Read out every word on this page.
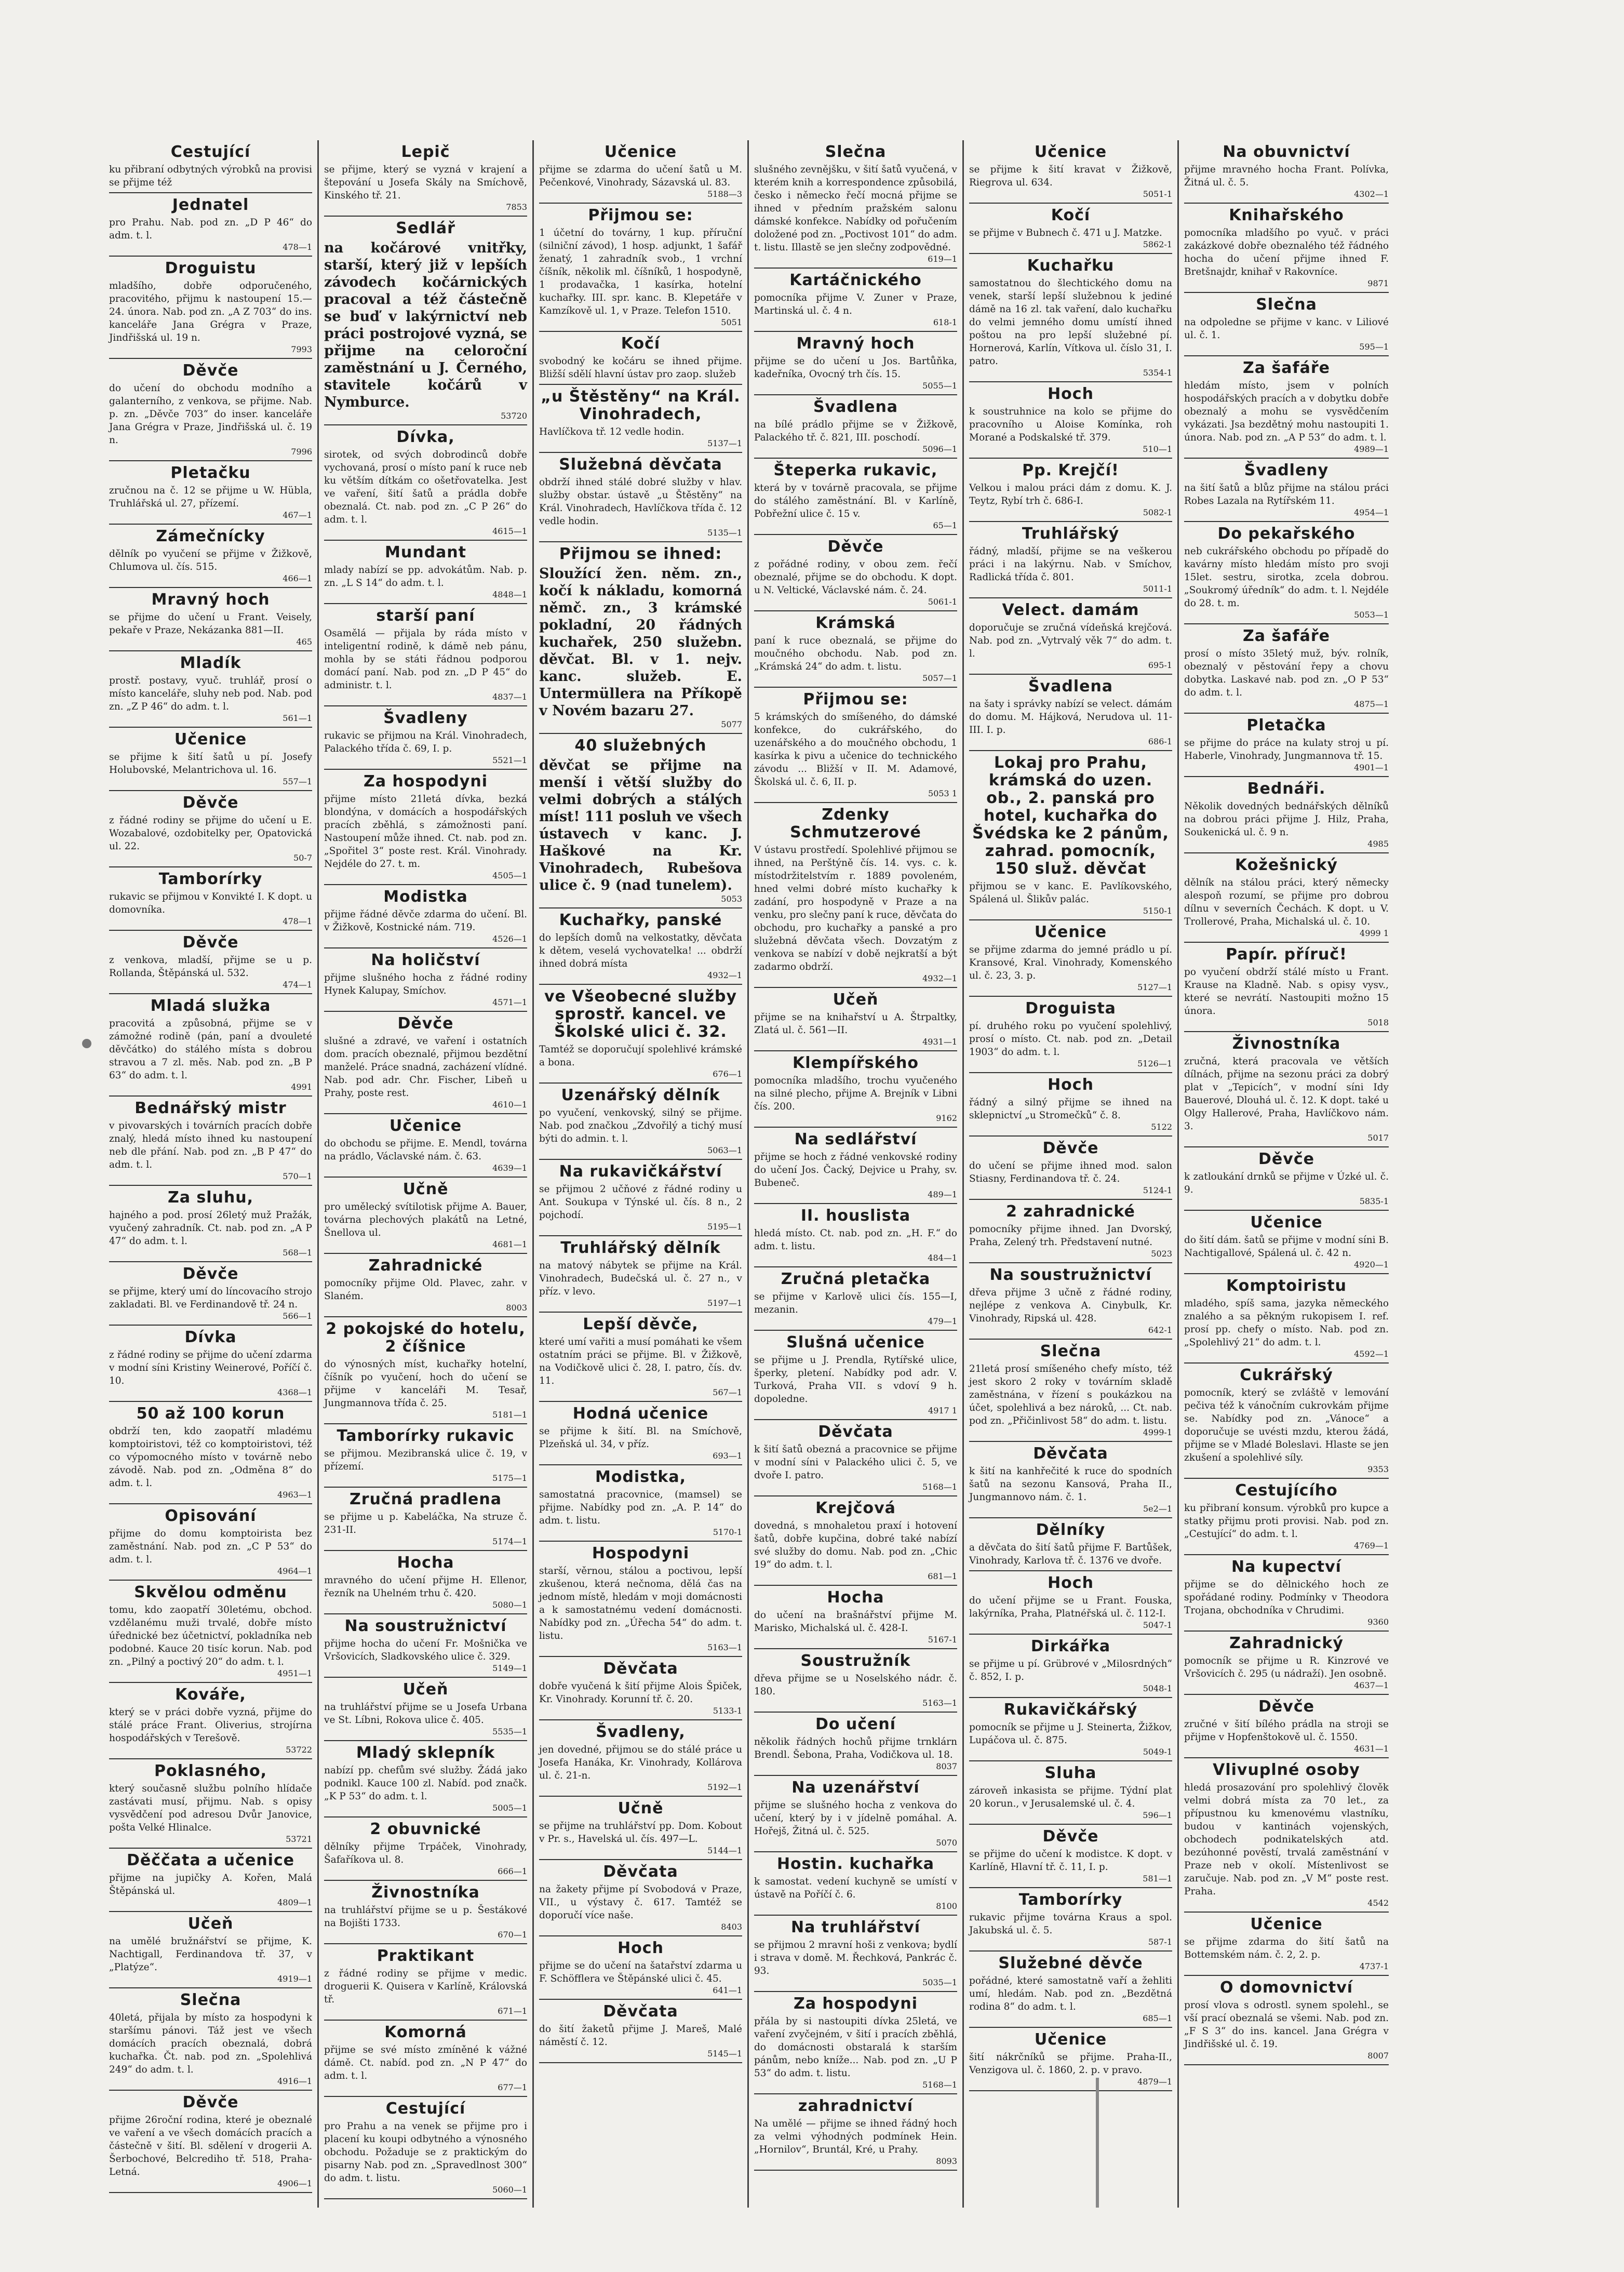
Cestující

ku přibraní odbytných výrobků na provisi se přijme též

Jednatel

pro Prahu. Nab. pod zn. „D P 46“ do adm. t. l.

478—1
Droguistu

mladšího, dobře odporučeného, pracovitého, přijmu k nastoupení 15.—24. února. Nab. pod zn. „A Z 703“ do ins. kanceláře Jana Grégra v Praze, Jindřišská ul. 19 n.

7993
Děvče

do učení do obchodu modního a galanterního, z venkova, se přijme. Nab. p. zn. „Děvče 703“ do inser. kanceláře Jana Grégra v Praze, Jindřišská ul. č. 19 n.

7996
Pletačku

zručnou na č. 12 se přijme u W. Hübla, Truhlářská ul. 27, přízemí.

467—1
Zámečnícky

dělník po vyučení se přijme v Žižkově, Chlumova ul. čís. 515.

466—1
Mravný hoch

se přijme do učení u Frant. Veisely, pekaře v Praze, Nekázanka 881—II.

465
Mladík

prostř. postavy, vyuč. truhlář, prosí o místo kanceláře, sluhy neb pod. Nab. pod zn. „Z P 46“ do adm. t. l.

561—1
Učenice

se přijme k šití šatů u pí. Josefy Holubovské, Melantrichova ul. 16.

557—1
Děvče

z řádné rodiny se přijme do učení u E. Wozabalové, ozdobitelky per, Opatovická ul. 22.

50-7
Tamborírky

rukavic se přijmou v Konvikté I. K dopt. u domovníka.

478—1
Děvče

z venkova, mladší, přijme se u p. Rollanda, Štěpánská ul. 532.

474—1
Mladá služka

pracovitá a způsobná, přijme se v zámožné rodině (pán, paní a dvouleté děvčátko) do stálého místa s dobrou stravou a 7 zl. měs. Nab. pod zn. „B P 63“ do adm. t. l.

4991
Bednářský mistr

v pivovarských i továrních pracích dobře znalý, hledá místo ihned ku nastoupení neb dle přání. Nab. pod zn. „B P 47“ do adm. t. l.

570—1
Za sluhu,

hajného a pod. prosí 26letý muž Pražák, vyučený zahradník. Ct. nab. pod zn. „A P 47“ do adm. t. l.

568—1
Děvče

se přijme, který umí do líncovacího strojo zakladati. Bl. ve Ferdinandově tř. 24 n.

566—1
Dívka

z řádné rodiny se přijme do učení zdarma v modní síni Kristiny Weinerové, Poříčí č. 10.

4368—1
50 až 100 korun

obdrží ten, kdo zaopatří mladému komptoiristovi, též co komptoiristovi, též co výpomocného místo v továrně nebo závodě. Nab. pod zn. „Odměna 8“ do adm. t. l.

4963—1
Opisování

přijme do domu komptoirista bez zaměstnání. Nab. pod zn. „C P 53“ do adm. t. l.

4964—1
Skvělou odměnu

tomu, kdo zaopatří 30letému, obchod. vzdělanému muži trvalé, dobře místo úřednické bez účetnictví, pokladníka neb podobné. Kauce 20 tisíc korun. Nab. pod zn. „Pilný a poctivý 20“ do adm. t. l.

4951—1
Kováře,

který se v práci dobře vyzná, přijme do stálé práce Frant. Oliverius, strojírna hospodářských v Terešově.

53722
Poklasného,

který současně službu polního hlídače zastávati musí, přijmu. Nab. s opisy vysvědčení pod adresou Dvůr Janovice, pošta Velké Hlinalce.

53721
Děččata a učenice

přijme na jupičky A. Kořen, Malá Štěpánská ul.

4809—1
Učeň

na umělé bružnářství se přijme, K. Nachtigall, Ferdinandova tř. 37, v „Platýze“.

4919—1
Slečna

40letá, přijala by místo za hospodyni k staršímu pánovi. Táž jest ve všech domácích pracích obeznalá, dobrá kuchařka. Čt. nab. pod zn. „Spolehlivá 249“ do adm. t. l.

4916—1
Děvče

přijme 26roční rodina, které je obeznalé ve vaření a ve všech domácích pracích a částečně v šití. Bl. sdělení v drogerii A. Šerbochové, Belcrediho tř. 518, Praha-Letná.

4906—1
Lepič

se přijme, který se vyzná v krajení a štepování u Josefa Skály na Smíchově, Kinského tř. 21.

7853
Sedlář

na kočárové vnitřky, starší, který již v lepších závodech kočárnických pracoval a též částečně se buď v lakýrnictví neb práci postrojové vyzná, se přijme na celoroční zaměstnání u J. Černého, stavitele kočárů v Nymburce.

53720
Dívka,

sirotek, od svých dobrodinců dobře vychovaná, prosí o místo paní k ruce neb ku větším dítkám co ošetřovatelka. Jest ve vaření, šití šatů a prádla dobře obeznalá. Ct. nab. pod zn. „C P 26“ do adm. t. l.

4615—1
Mundant

mlady nabízí se pp. advokátům. Nab. p. zn. „L S 14“ do adm. t. l.

4848—1
starší paní

Osamělá — přijala by ráda místo v inteligentní rodině, k dámě neb pánu, mohla by se státi řádnou podporou domácí paní. Nab. pod zn. „D P 45“ do administr. t. l.

4837—1
Švadleny

rukavic se přijmou na Král. Vinohradech, Palackého třída č. 69, I. p.

5521—1
Za hospodyni

přijme místo 21letá dívka, bezká blondýna, v domácích a hospodářských pracích zběhlá, s zámožnosti paní. Nastoupení může ihned. Ct. nab. pod zn. „Spořitel 3“ poste rest. Král. Vinohrady. Nejdéle do 27. t. m.

4505—1
Modistka

přijme řádné děvče zdarma do učení. Bl. v Žižkově, Kostnické nám. 719.

4526—1
Na holičství

přijme slušného hocha z řádné rodiny Hynek Kalupay, Smíchov.

4571—1
Děvče

slušné a zdravé, ve vaření i ostatních dom. pracích obeznalé, přijmou bezdětní manželé. Práce snadná, zacházení vlídné. Nab. pod adr. Chr. Fischer, Libeň u Prahy, poste rest.

4610—1
Učenice

do obchodu se přijme. E. Mendl, továrna na prádlo, Václavské nám. č. 63.

4639—1
Učně

pro umělecký svítilotisk přijme A. Bauer, továrna plechových plakátů na Letné, Šnellova ul.

4681—1
Zahradnické

pomocníky přijme Old. Plavec, zahr. v Slaném.

8003
2 pokojské do hotelu, 2 číšnice

do výnosných míst, kuchařky hotelní, číšník po vyučení, hoch do učení se přijme v kanceláři M. Tesař, Jungmannova třída č. 25.

5181—1
Tamborírky rukavic

se přijmou. Mezibranská ulice č. 19, v přízemí.

5175—1
Zručná pradlena

se přijme u p. Kabeláčka, Na struze č. 231-II.

5174—1
Hocha

mravného do učení přijme H. Ellenor, řezník na Uhelném trhu č. 420.

5080—1
Na soustružnictví

přijme hocha do učení Fr. Mošnička ve Vršovicích, Sladkovského ulice č. 329.

5149—1
Učeň

na truhlářství přijme se u Josefa Urbana ve St. Líbni, Rokova ulice č. 405.

5535—1
Mladý sklepník

nabízí pp. chefům své služby. Žádá jako podnikl. Kauce 100 zl. Nabíd. pod značk. „K P 53“ do adm. t. l.

5005—1
2 obuvnické

dělníky přijme Trpáček, Vinohrady, Šafaříkova ul. 8.

666—1
Živnostníka

na truhlářství přijme se u p. Šestákové na Bojišti 1733.

670—1
Praktikant

z řádné rodiny se přijme v medic. droguerii K. Quisera v Karlíně, Královská tř.

671—1
Komorná

přijme se své místo zmíněné k vážné dámě. Ct. nabíd. pod zn. „N P 47“ do adm. t. l.

677—1
Cestující

pro Prahu a na venek se přijme pro i placení ku koupi odbytného a výnosného obchodu. Požaduje se z praktickým do pisarny Nab. pod zn. „Spravedlnost 300“ do adm. t. listu.

5060—1
Učenice

přijme se zdarma do učení šatů u M. Pečenkové, Vinohrady, Sázavská ul. 83.

5188—3
Přijmou se:

1 účetní do továrny, 1 kup. příruční (silniční závod), 1 hosp. adjunkt, 1 šafář ženatý, 1 zahradník svob., 1 vrchní číšník, několik ml. číšníků, 1 hospodyně, 1 prodavačka, 1 kasírka, hotelní kuchařky. III. spr. kanc. B. Klepetáře v Kamzíkově ul. 1, v Praze. Telefon 1510.

5051
Kočí

svobodný ke kočáru se ihned přijme. Bližší sdělí hlavní ústav pro zaop. služeb

„u Štěstěny“ na Král. Vinohradech,

Havlíčkova tř. 12 vedle hodin.

5137—1
Služebná děvčata

obdrží ihned stálé dobré služby v hlav. služby obstar. ústavě „u Štěstěny“ na Král. Vinohradech, Havlíčkova třída č. 12 vedle hodin.

5135—1
Přijmou se ihned:

Sloužící žen. něm. zn., kočí k nákladu, komorná němč. zn., 3 krámské pokladní, 20 řádných kuchařek, 250 služebn. děvčat. Bl. v 1. nejv. kanc. služeb. E. Untermüllera na Příkopě v Novém bazaru 27.

5077
40 služebných

děvčat se přijme na menší i větší služby do velmi dobrých a stálých míst! 111 posluh ve všech ústavech v kanc. J. Haškové na Kr. Vinohradech, Rubešova ulice č. 9 (nad tunelem).

5053
Kuchařky, panské

do lepších domů na velkostatky, děvčata k dětem, veselá vychovatelka! ... obdrží ihned dobrá místa

4932—1
ve Všeobecné služby sprostř. kancel. ve Školské ulici č. 32.

Tamtéž se doporučují spolehlivé krámské a bona.

676—1
Uzenářský dělník

po vyučení, venkovský, silný se přijme. Nab. pod značkou „Zdvořilý a tichý musí býti do admin. t. l.

5063—1
Na rukavičkářství

se přijmou 2 učňové z řádné rodiny u Ant. Soukupa v Týnské ul. čís. 8 n., 2 pojchodí.

5195—1
Truhlářský dělník

na matový nábytek se přijme na Král. Vinohradech, Budečská ul. č. 27 n., v příz. v levo.

5197—1
Lepší děvče,

které umí vařiti a musí pomáhati ke všem ostatním práci se přijme. Bl. v Žižkově, na Vodičkově ulici č. 28, I. patro, čís. dv. 11.

567—1
Hodná učenice

se přijme k šití. Bl. na Smíchově, Plzeňská ul. 34, v příz.

693—1
Modistka,

samostatná pracovnice, (mamsel) se přijme. Nabídky pod zn. „A. P. 14“ do adm. t. listu.

5170-1
Hospodyni

starší, věrnou, stálou a poctivou, lepší zkušenou, která nečnoma, dělá čas na jednom místě, hledám v moji domácnosti a k samostatnému vedení domácnosti. Nabídky pod zn. „Úřecha 54“ do adm. t. listu.

5163—1
Děvčata

dobře vyučená k šití přijme Alois Špiček, Kr. Vinohrady. Korunní tř. č. 20.

5133-1
Švadleny,

jen dovedné, přijmou se do stálé práce u Josefa Hanáka, Kr. Vinohrady, Kollárova ul. č. 21-n.

5192—1
Učně

se přijme na truhlářství pp. Dom. Kobout v Pr. s., Havelská ul. čís. 497—L.

5144—1
Děvčata

na žakety přijme pí Svobodová v Praze, VII., u výstavy č. 617. Tamtéž se doporučí více naše.

8403
Hoch

přijme se do učení na šatařství zdarma u F. Schöfflera ve Štěpánské ulici č. 45.

641—1
Děvčata

do šití žaketů přijme J. Mareš, Malé náměstí č. 12.

5145—1
Slečna

slušného zevnějšku, v šití šatů vyučená, v kterém knih a korrespondence způsobilá, česko i německo řečí mocná přijme se ihned v předním pražském salonu dámské konfekce. Nabídky od pořučením doložené pod zn. „Poctivost 101“ do adm. t. listu. Illastě se jen slečny zodpovědné.

619—1
Kartáčnického

pomocníka přijme V. Zuner v Praze, Martinská ul. č. 4 n.

618-1
Mravný hoch

přijme se do učení u Jos. Bartůňka, kadeřníka, Ovocný trh čís. 15.

5055—1
Švadlena

na bílé prádlo přijme se v Žižkově, Palackého tř. č. 821, III. poschodí.

5096—1
Šteperka rukavic,

která by v továrně pracovala, se přijme do stálého zaměstnání. Bl. v Karlíně, Pobřežní ulice č. 15 v.

65—1
Děvče

z pořádné rodiny, v obou zem. řečí obeznalé, přijme se do obchodu. K dopt. u N. Veltické, Václavské nám. č. 24.

5061-1
Krámská

paní k ruce obeznalá, se přijme do moučného obchodu. Nab. pod zn. „Krámská 24“ do adm. t. listu.

5057—1
Přijmou se:

5 krámských do smíšeného, do dámské konfekce, do cukrářského, do uzenářského a do moučného obchodu, 1 kasírka k pivu a učenice do technického závodu ... Bližší v II. M. Adamové, Školská ul. č. 6, II. p.

5053 1
Zdenky Schmutzerové

V ústavu prostředí. Spolehlivé přijmou se ihned, na Perštýně čís. 14. vys. c. k. místodržitelstvím r. 1889 povoleném, hned velmi dobré místo kuchařky k zadání, pro hospodyně v Praze a na venku, pro slečny paní k ruce, děvčata do obchodu, pro kuchařky a panské a pro služebná děvčata všech. Dovzatým z venkova se nabízí v době nejkratší a být zadarmo obdrží.

4932—1
Učeň

přijme se na knihařství u A. Štrpaltky, Zlatá ul. č. 561—II.

4931—1
Klempířského

pomocníka mladšího, trochu vyučeného na silné plecho, přijme A. Brejník v Libni čís. 200.

9162
Na sedlářství

přijme se hoch z řádné venkovské rodiny do učení Jos. Čacký, Dejvice u Prahy, sv. Bubeneč.

489—1
II. houslista

hledá místo. Ct. nab. pod zn. „H. F.“ do adm. t. listu.

484—1
Zručná pletačka

se přijme v Karlově ulici čís. 155—I, mezanin.

479—1
Slušná učenice

se přijme u J. Prendla, Rytířské ulice, šperky, pletení. Nabídky pod adr. V. Turková, Praha VII. s vdoví 9 h. dopoledne.

4917 1
Děvčata

k šití šatů obezná a pracovnice se přijme v modní síni v Palackého ulici č. 5, ve dvoře I. patro.

5168—1
Krejčová

dovedná, s mnohaletou praxí i hotovení šatů, dobře kupčina, dobré také nabízí své služby do domu. Nab. pod zn. „Chic 19“ do adm. t. l.

681—1
Hocha

do učení na brašnářství přijme M. Marisko, Michalská ul. č. 428-I.

5167-1
Soustružník

dřeva přijme se u Noselského nádr. č. 180.

5163—1
Do učení

několik řádných hochů přijme trnklárn Brendl. Šebona, Praha, Vodičkova ul. 18.

8037
Na uzenářství

přijme se slušného hocha z venkova do učení, který by i v jídelně pomáhal. A. Hořejš, Žitná ul. č. 525.

5070
Hostin. kuchařka

k samostat. vedení kuchyně se umístí v ústavě na Poříčí č. 6.

8100
Na truhlářství

se přijmou 2 mravní hoši z venkova; bydlí i strava v domě. M. Řechková, Pankrác č. 93.

5035—1
Za hospodyni

přála by si nastoupiti dívka 25letá, ve vaření zvyčejném, v šití i pracích zběhlá, do domácnosti obstaralá k starším pánům, nebo kníže... Nab. pod zn. „U P 53“ do adm. t. listu.

5168—1
zahradnictví

Na umělé — přijme se ihned řádný hoch za velmi výhodných podmínek Hein. „Hornilov“, Bruntál, Kré, u Prahy.

8093
Učenice

se přijme k šití kravat v Žižkově, Riegrova ul. 634.

5051-1
Kočí

se přijme v Bubnech č. 471 u J. Matzke.

5862-1
Kuchařku

samostatnou do šlechtického domu na venek, starší lepší služebnou k jediné dámě na 16 zl. tak vaření, dalo kuchařku do velmi jemného domu umístí ihned poštou na pro lepší služebné pí. Hornerová, Karlín, Vítkova ul. číslo 31, I. patro.

5354-1
Hoch

k soustruhnice na kolo se přijme do pracovního u Aloise Komínka, roh Morané a Podskalské tř. 379.

510—1
Pp. Krejčí!

Velkou i malou práci dám z domu. K. J. Teytz, Rybí trh č. 686-I.

5082-1
Truhlářský

řádný, mladší, přijme se na veškerou práci i na lakýrnu. Nab. v Smíchov, Radlická třída č. 801.

5011-1
Velect. damám

doporučuje se zručná vídeňská krejčová. Nab. pod zn. „Vytrvalý věk 7“ do adm. t. l.

695-1
Švadlena

na šaty i správky nabízí se velect. dámám do domu. M. Hájková, Nerudova ul. 11-III. I. p.

686-1
Lokaj pro Prahu, krámská do uzen. ob., 2. panská pro hotel, kuchařka do Švédska ke 2 pánům, zahrad. pomocník, 150 služ. děvčat

přijmou se v kanc. E. Pavlíkovského, Spálená ul. Šlikův palác.

5150-1
Učenice

se přijme zdarma do jemné prádlo u pí. Kransové, Kral. Vinohrady, Komenského ul. č. 23, 3. p.

5127—1
Droguista

pí. druhého roku po vyučení spolehlivý, prosí o místo. Ct. nab. pod zn. „Detail 1903“ do adm. t. l.

5126—1
Hoch

řádný a silný přijme se ihned na sklepnictví „u Stromečků“ č. 8.

5122
Děvče

do učení se přijme ihned mod. salon Stiasny, Ferdinandova tř. č. 24.

5124-1
2 zahradnické

pomocníky přijme ihned. Jan Dvorský, Praha, Zelený trh. Představení nutné.

5023
Na soustružnictví

dřeva přijme 3 učně z řádné rodiny, nejlépe z venkova A. Cinybulk, Kr. Vinohrady, Ripská ul. 428.

642-1
Slečna

21letá prosí smíšeného chefy místo, též jest skoro 2 roky v továrním skladě zaměstnána, v řízení s poukázkou na účet, spolehlivá a bez nároků, ... Ct. nab. pod zn. „Přičinlivost 58“ do adm. t. listu.

4999-1
Děvčata

k šití na kanhřečité k ruce do spodních šatů na sezonu Kansová, Praha II., Jungmannovo nám. č. 1.

5e2—1
Dělníky

a děvčata do šití šatů přijme F. Bartůšek, Vinohrady, Karlova tř. č. 1376 ve dvoře.

Hoch

do učení přijme se u Frant. Fouska, lakýrníka, Praha, Platnéřská ul. č. 112-I.

5047-1
Dirkářka

se přijme u pí. Grübrové v „Milosrdných“ č. 852, I. p.

5048-1
Rukavičkářský

pomocník se přijme u J. Steinerta, Žižkov, Lupáčova ul. č. 875.

5049-1
Sluha

zároveň inkasista se přijme. Týdní plat 20 korun., v Jerusalemské ul. č. 4.

596—1
Děvče

se přijme do učení k modistce. K dopt. v Karlíně, Hlavní tř. č. 11, I. p.

581—1
Tamborírky

rukavic přijme továrna Kraus a spol. Jakubská ul. č. 5.

587-1
Služebné děvče

pořádné, které samostatně vaří a žehliti umí, hledám. Nab. pod zn. „Bezdětná rodina 8“ do adm. t. l.

685—1
Učenice

šití nákrčníků se přijme. Praha-II., Venzigova ul. č. 1860, 2. p. v pravo.

4879—1
Na obuvnictví

přijme mravného hocha Frant. Polívka, Žitná ul. č. 5.

4302—1
Knihařského

pomocníka mladšího po vyuč. v práci zakázkové dobře obeznalého též řádného hocha do učení přijme ihned F. Bretšnajdr, knihař v Rakovníce.

9871
Slečna

na odpoledne se přijme v kanc. v Liliové ul. č. 1.

595—1
Za šafáře

hledám místo, jsem v polních hospodářských pracích a v dobytku dobře obeznalý a mohu se vysvědčením vykázati. Jsa bezdětný mohu nastoupiti 1. února. Nab. pod zn. „A P 53“ do adm. t. l.

4989—1
Švadleny

na šití šatů a blůz přijme na stálou práci Robes Lazala na Rytířském 11.

4954—1
Do pekařského

neb cukrářského obchodu po případě do kavárny místo hledám místo pro svoji 15let. sestru, sirotka, zcela dobrou. „Soukromý úředník“ do adm. t. l. Nejdéle do 28. t. m.

5053—1
Za šafáře

prosí o místo 35letý muž, býv. rolník, obeznalý v pěstování řepy a chovu dobytka. Laskavé nab. pod zn. „O P 53“ do adm. t. l.

4875—1
Pletačka

se přijme do práce na kulaty stroj u pí. Haberle, Vinohrady, Jungmannova tř. 15.

4901—1
Bednáři.

Několik dovedných bednářských dělníků na dobrou práci přijme J. Hilz, Praha, Soukenická ul. č. 9 n.

4985
Kožešnický

dělník na stálou práci, který německy alespoň rozumí, se přijme pro dobrou dílnu v severních Čechách. K dopt. u V. Trollerové, Praha, Michalská ul. č. 10.

4999 1
Papír. příruč!

po vyučení obdrží stálé místo u Frant. Krause na Kladně. Nab. s opisy vysv., které se nevrátí. Nastoupiti možno 15 února.

5018
Živnostníka

zručná, která pracovala ve větších dílnách, přijme na sezonu práci za dobrý plat v „Tepicích“, v modní síni Idy Bauerové, Dlouhá ul. č. 12. K dopt. také u Olgy Hallerové, Praha, Havlíčkovo nám. 3.

5017
Děvče

k zatloukání drnků se přijme v Úzké ul. č. 9.

5835-1
Učenice

do šití dám. šatů se přijme v modní síni B. Nachtigallové, Spálená ul. č. 42 n.

4920—1
Komptoiristu

mladého, spíš sama, jazyka německého znalého a sa pěkným rukopisem I. ref. prosí pp. chefy o místo. Nab. pod zn. „Spolehlivý 21“ do adm. t. l.

4592—1
Cukrářský

pomocník, který se zvláště v lemování pečiva též k vánočním cukrovkám přijme se. Nabídky pod zn. „Vánoce“ a doporučuje se uvésti mzdu, kterou žádá, přijme se v Mladé Boleslavi. Hlaste se jen zkušení a spolehlivé síly.

9353
Cestujícího

ku přibraní konsum. výrobků pro kupce a statky přijmu proti provisi. Nab. pod zn. „Cestující“ do adm. t. l.

4769—1
Na kupectví

přijme se do dělnického hoch ze spořádané rodiny. Podmínky v Theodora Trojana, obchodníka v Chrudimi.

9360
Zahradnický

pomocník se přijme u R. Kinzrové ve Vršovicích č. 295 (u nádraží). Jen osobně.

4637—1
Děvče

zručné v šití bílého prádla na stroji se přijme v Hopfenštokově ul. č. 1550.

4631—1
Vlivuplné osoby

hledá prosazování pro spolehlivý člověk velmi dobrá místa za 70 let., za přípustnou ku kmenovému vlastníku, budou v kantinách vojenských, obchodech podnikatelských atd. bezúhonné pověstí, trvalá zaměstnání v Praze neb v okolí. Místenlivost se zaručuje. Nab. pod zn. „V M“ poste rest. Praha.

4542
Učenice

se přijme zdarma do šití šatů na Bottemském nám. č. 2, 2. p.

4737-1
O domovnictví

prosí vlova s odrostl. synem spolehl., se vší prací obeznalá se všemi. Nab. pod zn. „F S 3“ do ins. kancel. Jana Grégra v Jindřišské ul. č. 19.

8007
